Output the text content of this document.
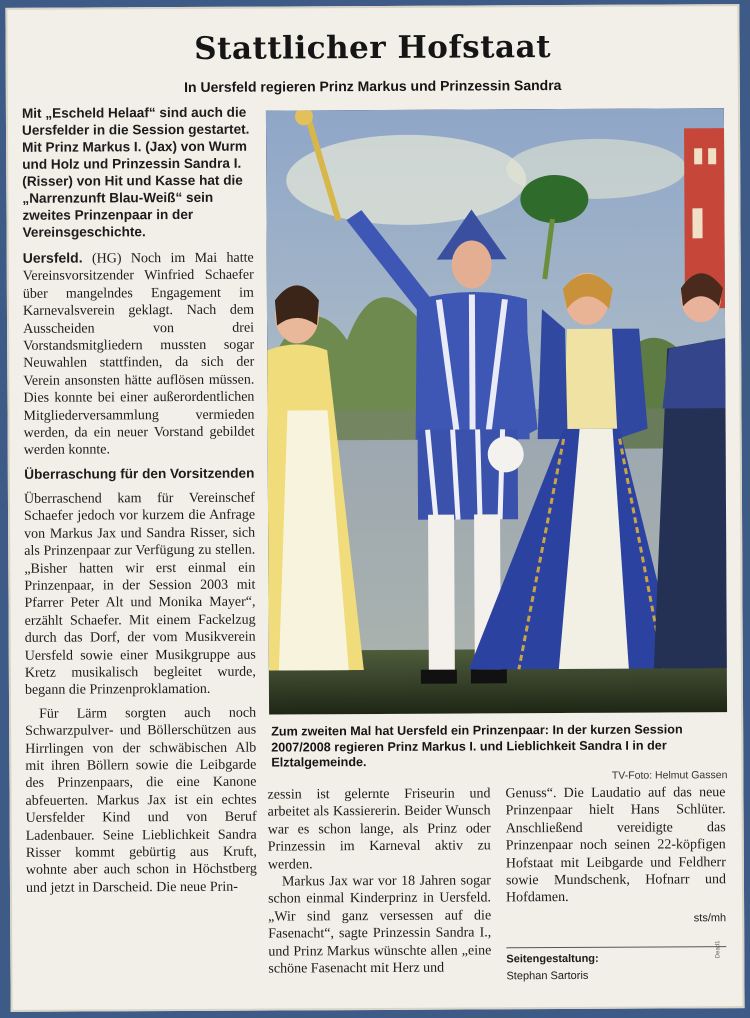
Stattlicher Hofstaat
In Uersfeld regieren Prinz Markus und Prinzessin Sandra

Mit „Escheld Helaaf“ sind auch die Uersfelder in die Session gestartet. Mit Prinz Markus I. (Jax) von Wurm und Holz und Prinzessin Sandra I. (Risser) von Hit und Kasse hat die „Narrenzunft Blau-Weiß“ sein zweites Prinzenpaar in der Vereinsgeschichte.

Uersfeld. (HG) Noch im Mai hatte Vereinsvorsitzender Winfried Schaefer über mangelndes Engagement im Karnevalsverein geklagt. Nach dem Ausscheiden von drei Vorstandsmitgliedern mussten sogar Neuwahlen stattfinden, da sich der Verein ansonsten hätte auflösen müssen. Dies konnte bei einer außerordentlichen Mitgliederversammlung vermieden werden, da ein neuer Vorstand gebildet werden konnte.

Überraschung für den Vorsitzenden

Überraschend kam für Vereinschef Schaefer jedoch vor kurzem die Anfrage von Markus Jax und Sandra Risser, sich als Prinzenpaar zur Verfügung zu stellen. „Bisher hatten wir erst einmal ein Prinzenpaar, in der Session 2003 mit Pfarrer Peter Alt und Monika Mayer“, erzählt Schaefer. Mit einem Fackelzug durch das Dorf, der vom Musikverein Uersfeld sowie einer Musikgruppe aus Kretz musikalisch begleitet wurde, begann die Prinzenproklamation.

Für Lärm sorgten auch noch Schwarzpulver- und Böllerschützen aus Hirrlingen von der schwäbischen Alb mit ihren Böllern sowie die Leibgarde des Prinzenpaars, die eine Kanone abfeuerten. Markus Jax ist ein echtes Uersfelder Kind und von Beruf Ladenbauer. Seine Lieblichkeit Sandra Risser kommt gebürtig aus Kruft, wohnte aber auch schon in Höchstberg und jetzt in Darscheid. Die neue Prin-

Zum zweiten Mal hat Uersfeld ein Prinzenpaar: In der kurzen Session 2007/2008 regieren Prinz Markus I. und Lieblichkeit Sandra I in der Elztalgemeinde.
TV-Foto: Helmut Gassen

zessin ist gelernte Friseurin und arbeitet als Kassiererin. Beider Wunsch war es schon lange, als Prinz oder Prinzessin im Karneval aktiv zu werden.

Markus Jax war vor 18 Jahren sogar schon einmal Kinderprinz in Uersfeld. „Wir sind ganz versessen auf die Fasenacht“, sagte Prinzessin Sandra I., und Prinz Markus wünschte allen „eine schöne Fasenacht mit Herz und

Genuss“. Die Laudatio auf das neue Prinzenpaar hielt Hans Schlüter. Anschließend vereidigte das Prinzenpaar noch seinen 22-köpfigen Hofstaat mit Leibgarde und Feldherr sowie Mundschenk, Hofnarr und Hofdamen.

sts/mh

Seitengestaltung:
Stephan Sartoris
Dead1
